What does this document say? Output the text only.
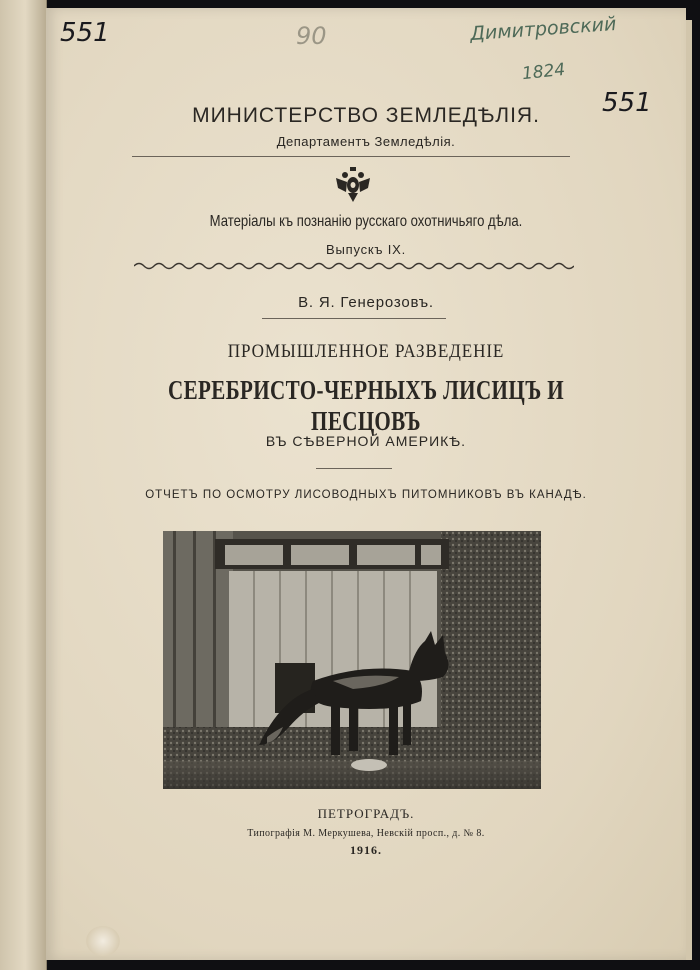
551	90	Димитровский
1824
551
МИНИСТЕРСТВО ЗЕМЛЕДѢЛІЯ.
Департаментъ Земледѣлія.
Матеріалы къ познанію русскаго охотничьяго дѣла.
Выпускъ IX.
В. Я. Генерозовъ.
ПРОМЫШЛЕННОЕ РАЗВЕДЕНІЕ
СЕРЕБРИСТО-ЧЕРНЫХЪ ЛИСИЦЪ И ПЕСЦОВЪ
ВЪ СѢВЕРНОЙ АМЕРИКѢ.
ОТЧЕТЪ ПО ОСМОТРУ ЛИСОВОДНЫХЪ ПИТОМНИКОВЪ ВЪ КАНАДѢ.
ПЕТРОГРАДЪ.
Типографія М. Меркушева, Невскій просп., д. № 8.
1916.
